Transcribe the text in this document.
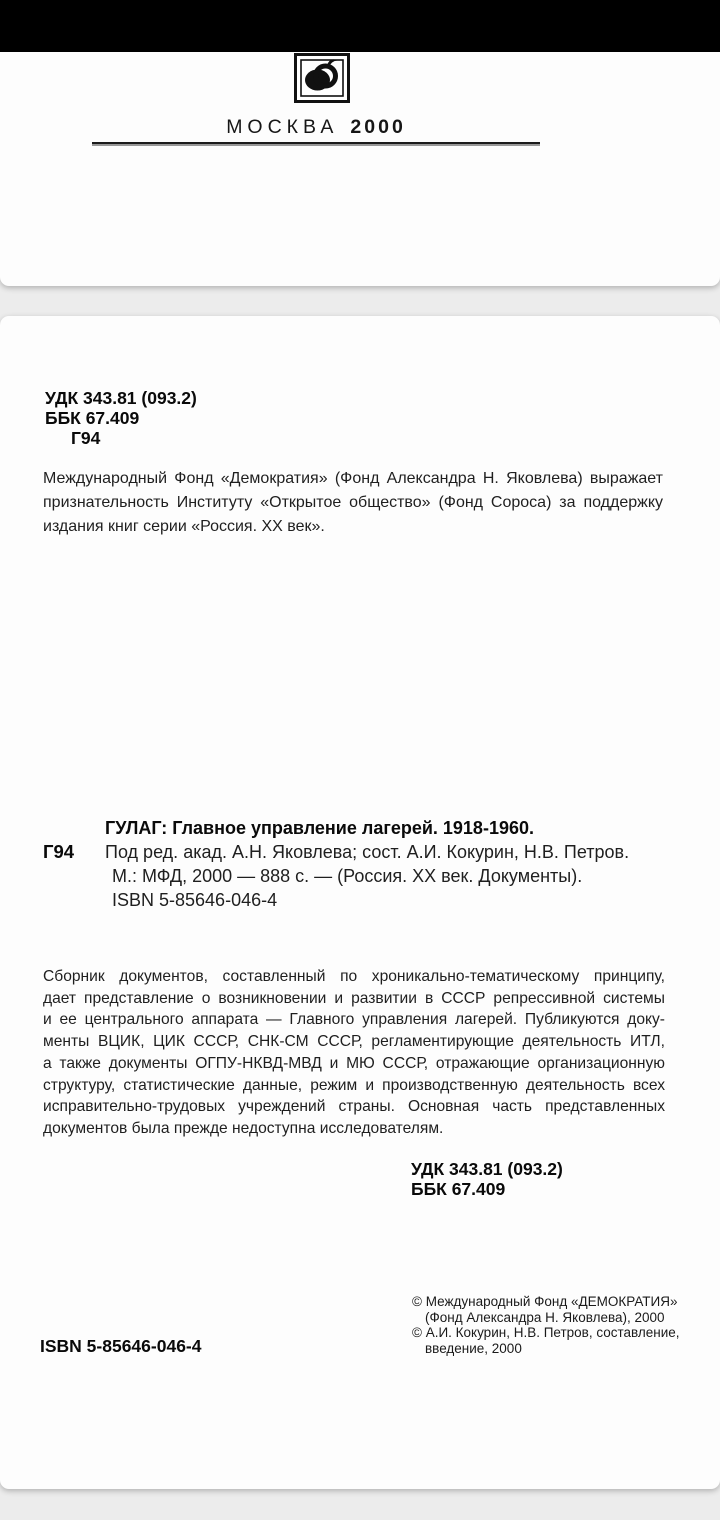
МОСКВА 2000
УДК 343.81 (093.2)
ББК 67.409
Г94
Международный Фонд «Демократия» (Фонд Александра Н. Яковлева) выражает
признательность Институту «Открытое общество» (Фонд Сороса) за поддержку
издания книг серии «Россия. XX век».
Г94
ГУЛАГ: Главное управление лагерей. 1918-1960.
Под ред. акад. А.Н. Яковлева; сост. А.И. Кокурин, Н.В. Петров.
М.: МФД, 2000 — 888 с. — (Россия. XX век. Документы).
ISBN 5-85646-046-4
Сборник документов, составленный по хроникально-тематическому принципу,
дает представление о возникновении и развитии в СССР репрессивной системы
и ее центрального аппарата — Главного управления лагерей. Публикуются доку-
менты ВЦИК, ЦИК СССР, СНК-СМ СССР, регламентирующие деятельность ИТЛ,
а также документы ОГПУ-НКВД-МВД и МЮ СССР, отражающие организационную
структуру, статистические данные, режим и производственную деятельность всех
исправительно-трудовых учреждений страны. Основная часть представленных
документов была прежде недоступна исследователям.
УДК 343.81 (093.2)
ББК 67.409
© Международный Фонд «ДЕМОКРАТИЯ»
(Фонд Александра Н. Яковлева), 2000
© А.И. Кокурин, Н.В. Петров, составление,
введение, 2000
ISBN 5-85646-046-4
